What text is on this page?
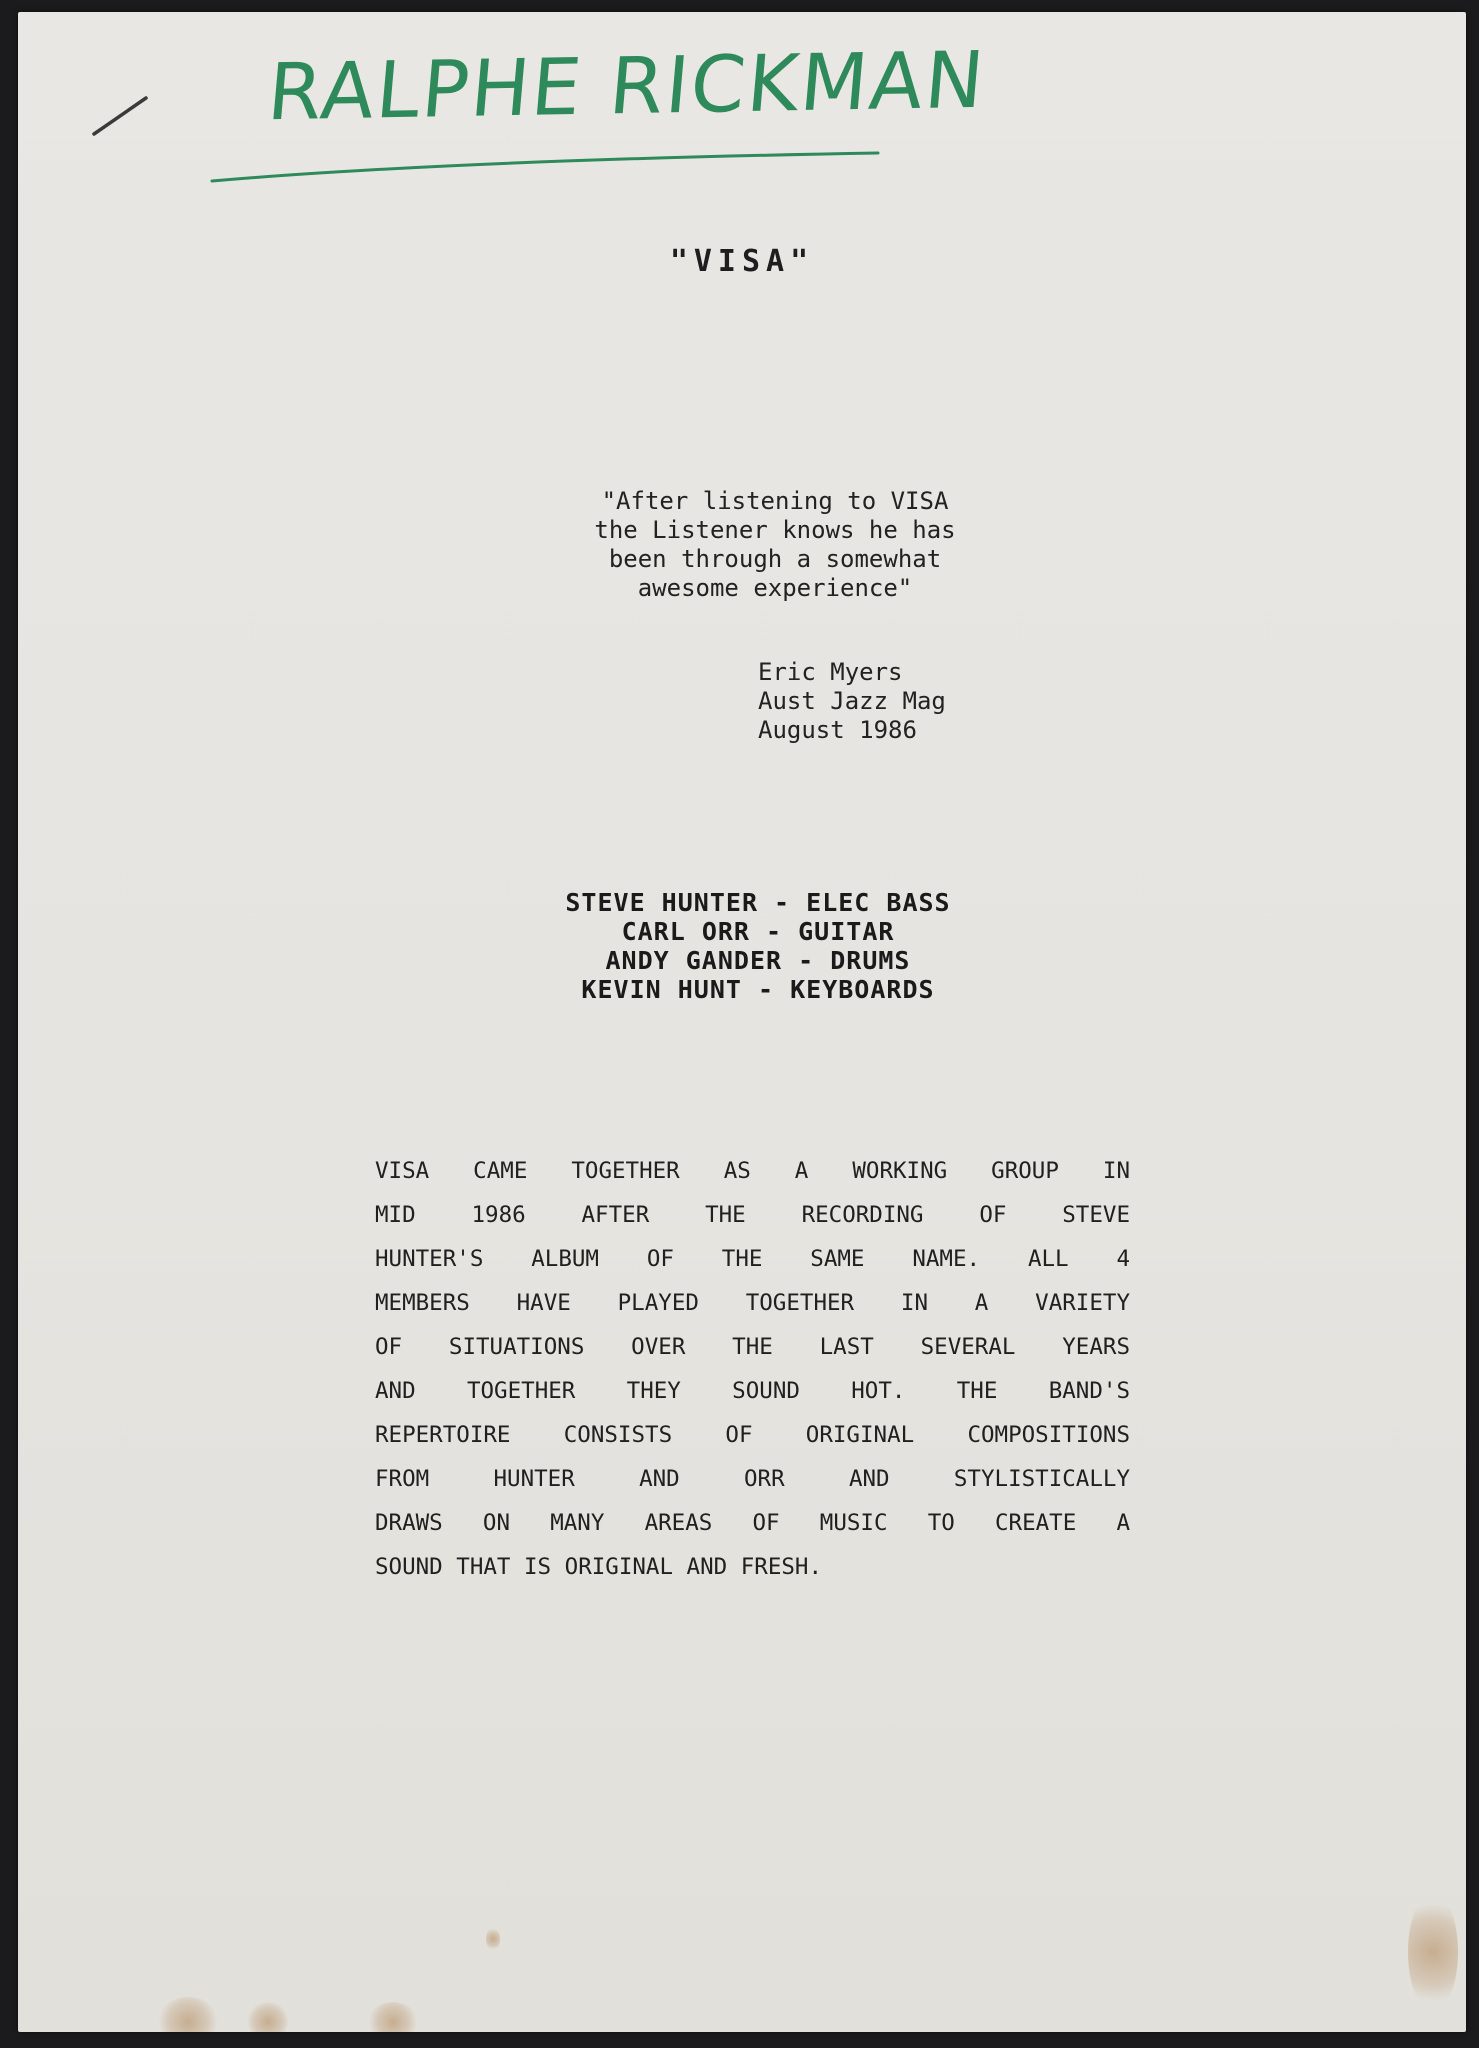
RALPHE RICKMAN
"VISA"
"After listening to VISA
the Listener knows he has
been through a somewhat
awesome experience"
Eric Myers
Aust Jazz Mag
August 1986
STEVE HUNTER - ELEC BASS
CARL ORR - GUITAR
ANDY GANDER - DRUMS
KEVIN HUNT - KEYBOARDS
VISA CAME TOGETHER AS A WORKING GROUP IN
MID 1986 AFTER THE RECORDING OF STEVE
HUNTER'S ALBUM OF THE SAME NAME. ALL 4
MEMBERS HAVE PLAYED TOGETHER IN A VARIETY
OF SITUATIONS OVER THE LAST SEVERAL YEARS
AND TOGETHER THEY SOUND HOT. THE BAND'S
REPERTOIRE CONSISTS OF ORIGINAL COMPOSITIONS
FROM HUNTER AND ORR AND STYLISTICALLY
DRAWS ON MANY AREAS OF MUSIC TO CREATE A
SOUND THAT IS ORIGINAL AND FRESH.
